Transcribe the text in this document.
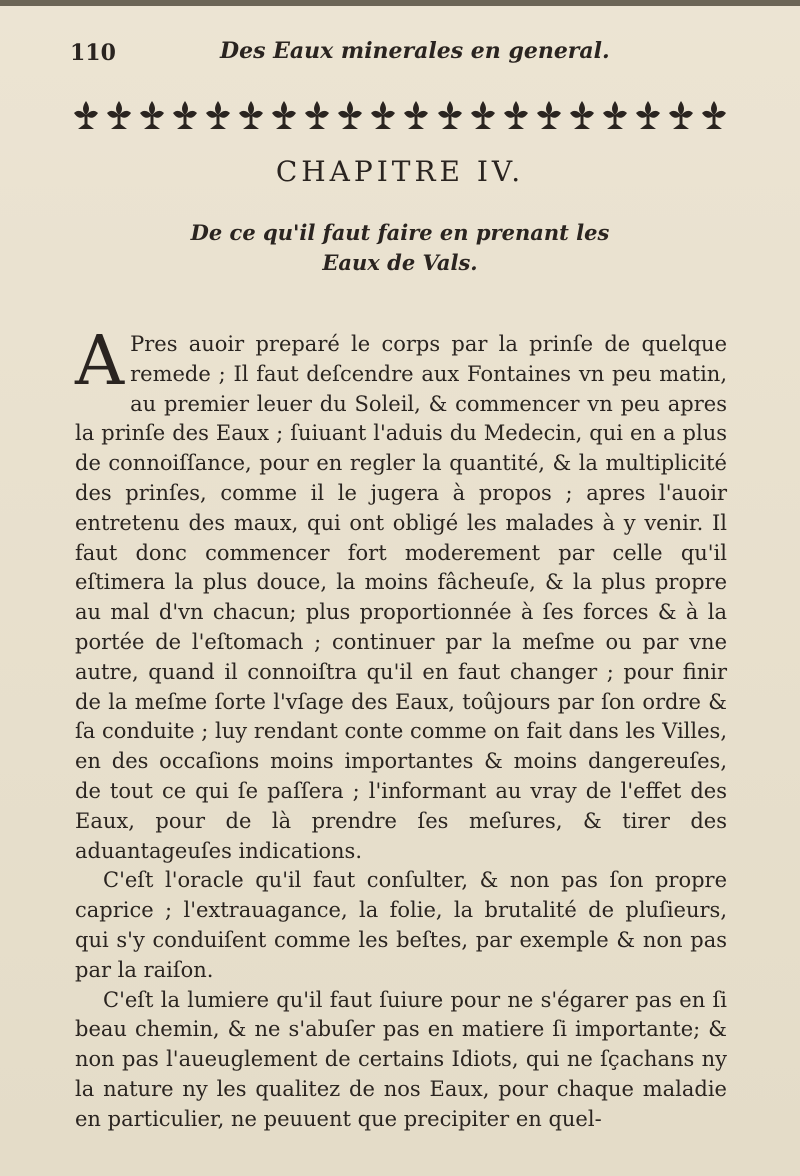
110	Des Eaux minerales en general.
CHAPITRE IV.
De ce qu'il faut faire en prenant les
Eaux de Vals.

A Pres auoir preparé le corps par la prinſe de quelque remede ; Il faut deſcendre aux Fontaines vn peu matin, au premier leuer du Soleil, & commencer vn peu apres la prinſe des Eaux ; ſuiuant l'aduis du Medecin, qui en a plus de connoiſſance, pour en regler la quantité, & la multiplicité des prinſes, comme il le jugera à propos ; apres l'auoir entretenu des maux, qui ont obligé les malades à y venir. Il faut donc commencer fort moderement par celle qu'il eſtimera la plus douce, la moins fâcheuſe, & la plus propre au mal d'vn chacun; plus proportionnée à ſes forces & à la portée de l'eſtomach ; continuer par la meſme ou par vne autre, quand il connoiſtra qu'il en faut changer ; pour finir de la meſme ſorte l'vſage des Eaux, toûjours par ſon ordre & ſa conduite ; luy rendant conte comme on fait dans les Villes, en des occaſions moins importantes & moins dangereuſes, de tout ce qui ſe paſſera ; l'informant au vray de l'effet des Eaux, pour de là prendre ſes meſures, & tirer des aduantageuſes indications.

C'eſt l'oracle qu'il faut conſulter, & non pas ſon propre caprice ; l'extrauagance, la folie, la brutalité de pluſieurs, qui s'y conduiſent comme les beſtes, par exemple & non pas par la raiſon.

C'eſt la lumiere qu'il faut ſuiure pour ne s'égarer pas en ſi beau chemin, & ne s'abuſer pas en matiere ſi importante; & non pas l'aueuglement de certains Idiots, qui ne ſçachans ny la nature ny les qualitez de nos Eaux, pour chaque maladie en particulier, ne peuuent que precipiter en quel-
